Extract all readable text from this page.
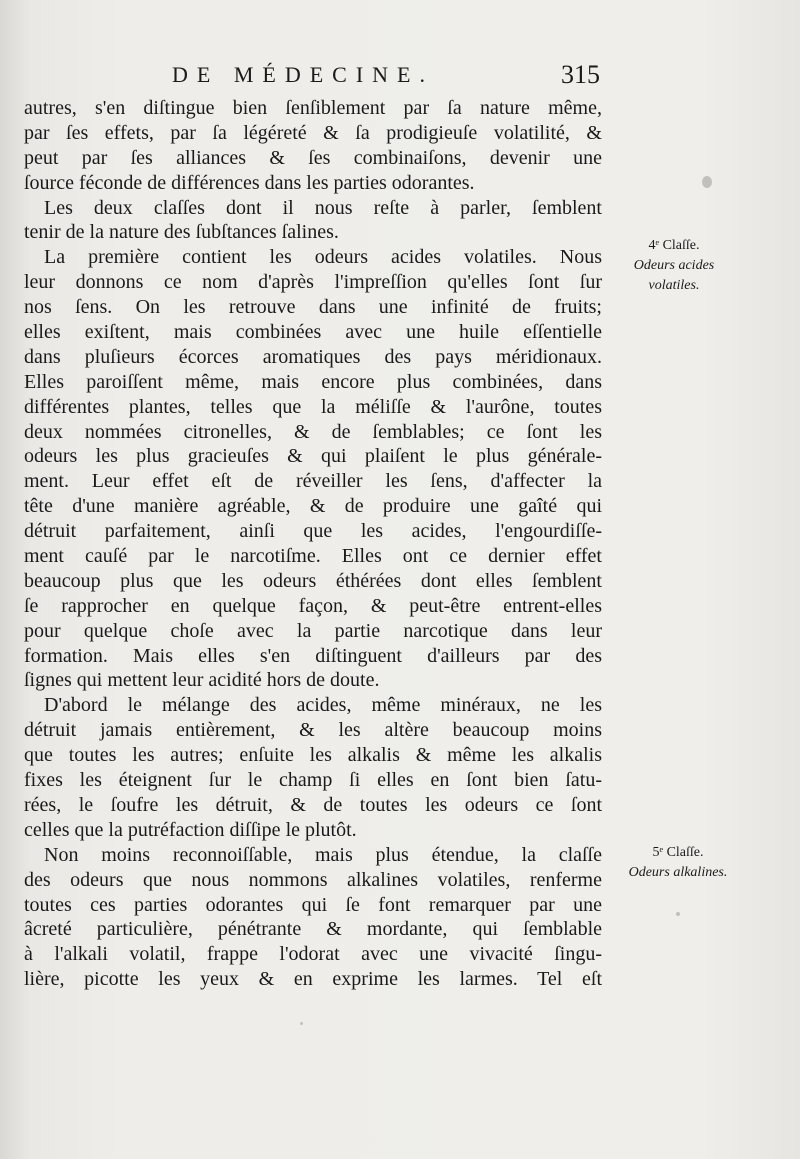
DE MÉDECINE.	315
autres, s'en diſtingue bien ſenſiblement par ſa nature même,
par ſes effets, par ſa légéreté & ſa prodigieuſe volatilité, &
peut par ſes alliances & ſes combinaiſons, devenir une
ſource féconde de différences dans les parties odorantes.
Les deux claſſes dont il nous reſte à parler, ſemblent
tenir de la nature des ſubſtances ſalines.
La première contient les odeurs acides volatiles. Nous
leur donnons ce nom d'après l'impreſſion qu'elles ſont ſur
nos ſens. On les retrouve dans une infinité de fruits;
elles exiſtent, mais combinées avec une huile eſſentielle
dans pluſieurs écorces aromatiques des pays méridionaux.
Elles paroiſſent même, mais encore plus combinées, dans
différentes plantes, telles que la méliſſe & l'aurône, toutes
deux nommées citronelles, & de ſemblables; ce ſont les
odeurs les plus gracieuſes & qui plaiſent le plus générale-
ment. Leur effet eſt de réveiller les ſens, d'affecter la
tête d'une manière agréable, & de produire une gaîté qui
détruit parfaitement, ainſi que les acides, l'engourdiſſe-
ment cauſé par le narcotiſme. Elles ont ce dernier effet
beaucoup plus que les odeurs éthérées dont elles ſemblent
ſe rapprocher en quelque façon, & peut-être entrent-elles
pour quelque choſe avec la partie narcotique dans leur
formation. Mais elles s'en diſtinguent d'ailleurs par des
ſignes qui mettent leur acidité hors de doute.
D'abord le mélange des acides, même minéraux, ne les
détruit jamais entièrement, & les altère beaucoup moins
que toutes les autres; enſuite les alkalis & même les alkalis
fixes les éteignent ſur le champ ſi elles en ſont bien ſatu-
rées, le ſoufre les détruit, & de toutes les odeurs ce ſont
celles que la putréfaction diſſipe le plutôt.
Non moins reconnoiſſable, mais plus étendue, la claſſe
des odeurs que nous nommons alkalines volatiles, renferme
toutes ces parties odorantes qui ſe font remarquer par une
âcreté particulière, pénétrante & mordante, qui ſemblable
à l'alkali volatil, frappe l'odorat avec une vivacité ſingu-
lière, picotte les yeux & en exprime les larmes. Tel eſt
4ᵉ Claſſe.
Odeurs acides volatiles.
5ᵉ Claſſe.
Odeurs alkalines.
